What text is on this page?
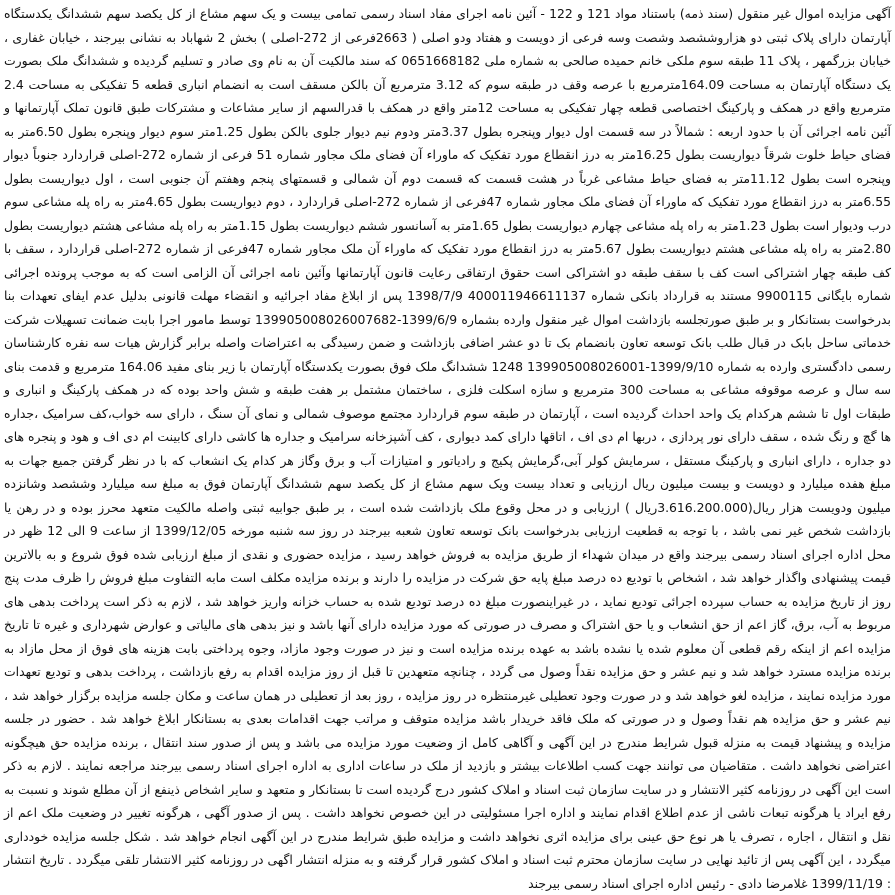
آگهی مزایده اموال غیر منقول (سند ذمه) باستناد مواد 121 و 122 - آئین نامه اجرای مفاد اسناد رسمی تمامی بیست و یک سهم مشاع از کل یکصد سهم ششدانگ یکدستگاه آپارتمان دارای پلاک ثبتی دو هزاروششصد وشصت وسه فرعی از دویست و هفتاد ودو اصلی ( 2663فرعی از 272-اصلی ) بخش 2 شهاباد به نشانی بیرجند ، خیابان غفاری ، خیابان بزرگمهر ، پلاک 11 طبقه سوم ملکی خانم حمیده صالحی به شماره ملی 0651668182 که سند مالکیت آن به نام وی صادر و تسلیم گردیده و ششدانگ ملک بصورت یک دستگاه آپارتمان به مساحت 164.09مترمربع با عرصه وقف در طبقه سوم که 3.12 مترمربع آن بالکن مسقف است به انضمام انباری قطعه 5 تفکیکی به مساحت 2.4 مترمربع واقع در همکف و پارکینگ اختصاصی قطعه چهار تفکیکی به مساحت 12متر واقع در همکف با قدرالسهم از سایر مشاعات و مشترکات طبق قانون تملک آپارتمانها و آئین نامه اجرائی آن با حدود اربعه : شمالاً در سه قسمت اول دیوار وپنجره بطول 3.37متر ودوم نیم دیوار جلوی بالکن بطول 1.25متر سوم دیوار وپنجره بطول 6.50متر به فضای حیاط خلوت شرقاً دیواریست بطول 16.25متر به درز انقطاع مورد تفکیک که ماوراء آن فضای ملک مجاور شماره 51 فرعی از شماره 272-اصلی قراردارد جنوباً دیوار وپنجره است بطول 11.12متر به فضای حیاط مشاعی غرباً در هشت قسمت که قسمت دوم آن شمالی و قسمتهای پنجم وهفتم آن جنوبی است ، اول دیواریست بطول 6.55متر به درز انقطاع مورد تفکیک که ماوراء آن فضای ملک مجاور شماره 47فرعی از شماره 272-اصلی قراردارد ، دوم دیواریست بطول 4.65متر به راه پله مشاعی سوم درب ودیوار است بطول 1.23متر به راه پله مشاعی چهارم دیواریست بطول 1.65متر به آسانسور ششم دیواریست بطول 1.15متر به راه پله مشاعی هشتم دیواریست بطول 2.80متر به راه پله مشاعی هشتم دیواریست بطول 5.67متر به درز انقطاع مورد تفکیک که ماوراء آن ملک مجاور شماره 47فرعی از شماره 272-اصلی قراردارد ، سقف با کف طبقه چهار اشتراکی است کف با سقف طبقه دو اشتراکی است حقوق ارتفاقی رعایت قانون آپارتمانها وآئین نامه اجرائی آن الزامی است که به موجب پرونده اجرائی شماره بایگانی 9900115 مستند به قرارداد بانکی شماره 400011946611137 1398/7/9 پس از ابلاغ مفاد اجرائیه و انقضاء مهلت قانونی بدلیل عدم ایفای تعهدات بنا بدرخواست بستانکار و بر طبق صورتجلسه بازداشت اموال غیر منقول وارده بشماره 1399/6/9-139905008026007682 توسط مامور اجرا بابت ضمانت تسهیلات شرکت خدماتی ساحل بابک در قبال طلب بانک توسعه تعاون بانضمام بک تا دو عشر اضافی بازداشت و ضمن رسیدگی به اعتراضات واصله برابر گزارش هیات سه نفره کارشناسان رسمی دادگستری وارده به شماره 1399/9/10-139905008026001 1248 ششدانگ ملک فوق بصورت یکدستگاه آپارتمان با زیر بنای مفید 164.06 مترمربع و قدمت بنای سه سال و عرصه موقوفه مشاعی به مساحت 300 مترمربع و سازه اسکلت فلزی ، ساختمان مشتمل بر هفت طبقه و شش واحد بوده که در همکف پارکینگ و انباری و طبقات اول تا ششم هرکدام یک واحد احداث گردیده است ، آپارتمان در طبقه سوم قراردارد مجتمع موصوف شمالی و نمای آن سنگ ، دارای سه خواب،کف سرامیک ،جداره ها گچ و رنگ شده ، سقف دارای نور پردازی ، دربها ام دی اف ، اتاقها دارای کمد دیواری ، کف آشپزخانه سرامیک و جداره ها کاشی دارای کابینت ام دی اف و هود و پنجره های دو جداره ، دارای انباری و پارکینگ مستقل ، سرمایش کولر آبی،گرمایش پکیج و رادیاتور و امتیازات آب و برق وگاز هر کدام یک انشعاب که با در نظر گرفتن جمیع جهات به مبلغ هفده میلیارد و دویست و بیست میلیون ریال ارزیابی و تعداد بیست ویک سهم مشاع از کل یکصد سهم ششدانگ آپارتمان فوق به مبلغ سه میلیارد وششصد وشانزده میلیون ودویست هزار ریال(3.616.200.000ریال ) ارزیابی و در محل وقوع ملک بازداشت شده است ، بر طبق جوابیه ثبتی واصله مالکیت متعهد محرز بوده و در رهن یا بازداشت شخص غیر نمی باشد ، با توجه به قطعیت ارزیابی بدرخواست بانک توسعه تعاون شعبه بیرجند در روز سه شنبه مورخه 1399/12/05 از ساعت 9 الی 12 ظهر در محل اداره اجرای اسناد رسمی بیرجند واقع در میدان شهداء از طریق مزایده به فروش خواهد رسید ، مزایده حضوری و نقدی از مبلغ ارزیابی شده فوق شروع و به بالاترین قیمت پیشنهادی واگذار خواهد شد ، اشخاص با تودیع ده درصد مبلغ پایه حق شرکت در مزایده را دارند و برنده مزایده مکلف است مابه التفاوت مبلغ فروش را ظرف مدت پنج روز از تاریخ مزایده به حساب سپرده اجرائی تودیع نماید ، در غیراینصورت مبلغ ده درصد تودیع شده به حساب خزانه واریز خواهد شد ، لازم به ذکر است پرداخت بدهی های مربوط به آب، برق، گاز اعم از حق انشعاب و یا حق اشتراک و مصرف در صورتی که مورد مزایده دارای آنها باشد و نیز بدهی های مالیاتی و عوارض شهرداری و غیره تا تاریخ مزایده اعم از اینکه رقم قطعی آن معلوم شده یا نشده باشد به عهده برنده مزایده است و نیز در صورت وجود مازاد، وجوه پرداختی بابت هزینه های فوق از محل مازاد به برنده مزایده مسترد خواهد شد و نیم عشر و حق مزایده نقداً وصول می گردد ، چنانچه متعهدین تا قبل از روز مزایده اقدام به رفع بازداشت ، پرداخت بدهی و تودیع تعهدات مورد مزایده نمایند ، مزایده لغو خواهد شد و در صورت وجود تعطیلی غیرمنتظره در روز مزایده ، روز بعد از تعطیلی در همان ساعت و مکان جلسه مزایده برگزار خواهد شد ، نیم عشر و حق مزایده هم نقداً وصول و در صورتی که ملک فاقد خریدار باشد مزایده متوقف و مراتب جهت اقدامات بعدی به بستانکار ابلاغ خواهد شد . حضور در جلسه مزایده و پیشنهاد قیمت به منزله قبول شرایط مندرج در این آگهی و آگاهی کامل از وضعیت مورد مزایده می باشد و پس از صدور سند انتقال ، برنده مزایده حق هیچگونه اعتراضی نخواهد داشت . متقاضیان می توانند جهت کسب اطلاعات بیشتر و بازدید از ملک در ساعات اداری به اداره اجرای اسناد رسمی بیرجند مراجعه نمایند . لازم به ذکر است این آگهی در روزنامه کثیر الانتشار و در سایت سازمان ثبت اسناد و املاک کشور درج گردیده است تا بستانکار و متعهد و سایر اشخاص ذینفع از آن مطلع شوند و نسبت به رفع ایراد یا هرگونه تبعات ناشی از عدم اطلاع اقدام نمایند و اداره اجرا مسئولیتی در این خصوص نخواهد داشت . پس از صدور آگهی ، هرگونه تغییر در وضعیت ملک اعم از نقل و انتقال ، اجاره ، تصرف یا هر نوع حق عینی برای مزایده اثری نخواهد داشت و مزایده طبق شرایط مندرج در این آگهی انجام خواهد شد . شکل جلسه مزایده خودداری میگردد ، این آگهی پس از تائید نهایی در سایت سازمان محترم ثبت اسناد و املاک کشور قرار گرفته و به منزله انتشار اگهی در روزنامه کثیر الانتشار تلقی میگردد . تاریخ انتشار : 1399/11/19 غلامرضا دادی - رئیس اداره اجرای اسناد رسمی بیرجند
